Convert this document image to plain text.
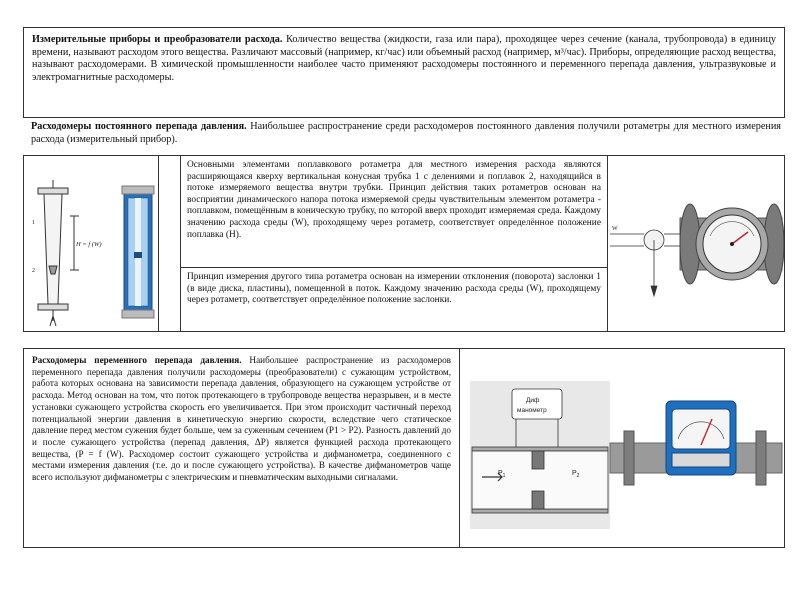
Измерительные приборы и преобразователи расхода. Количество вещества (жидкости, газа или пара), проходящее через сечение (канала, трубопровода) в единицу времени, называют расходом этого вещества. Различают массовый (например, кг/час) или объемный расход (например, м³/час). Приборы, определяющие расход вещества, называют расходомерами. В химической промышленности наиболее часто применяют расходомеры постоянного и переменного перепада давления, ультразвуковые и электромагнитные расходомеры.
Расходомеры постоянного перепада давления. Наибольшее распространение среди расходомеров постоянного давления получили ротаметры для местного измерения расхода (измерительный прибор).
H = f (W)
1
2
Основными элементами поплавкового ротаметра для местного измерения расхода являются расширяющаяся кверху вертикальная конусная трубка 1 с делениями и поплавок 2, находящийся в потоке измеряемого вещества внутри трубки. Принцип действия таких ротаметров основан на восприятии динамического напора потока измеряемой среды чувствительным элементом ротаметра - поплавком, помещённым в коническую трубку, по которой вверх проходит измеряемая среда. Каждому значению расхода среды (W), проходящему через ротаметр, соответствует определённое положение поплавка (H).
Принцип измерения другого типа ротаметра основан на измерении отклонения (поворота) заслонки 1 (в виде диска, пластины), помещенной в поток. Каждому значению расхода среды (W), проходящему через ротаметр, соответствует определённое положение заслонки.
W
Расходомеры переменного перепада давления. Наибольшее распространение из расходомеров переменного перепада давления получили расходомеры (преобразователи) с сужающим устройством, работа которых основана на зависимости перепада давления, образующего на сужающем устройстве от расхода. Метод основан на том, что поток протекающего в трубопроводе вещества неразрывен, и в месте установки сужающего устройства скорость его увеличивается. При этом происходит частичный переход потенциальной энергии давления в кинетическую энергию скорости, вследствие чего статическое давление перед местом сужения будет больше, чем за суженным сечением (P1 > P2). Разность давлений до и после сужающего устройства (перепад давления, ΔP) является функцией расхода протекающего вещества, (P = f (W). Расходомер состоит сужающего устройства и дифманометра, соединенного с местами измерения давления (т.е. до и после сужающего устройства). В качестве дифманометров чаще всего используют дифманометры с электрическим и пневматическим выходными сигналами.
Диф
манометр
$P_1$	$P_2$
